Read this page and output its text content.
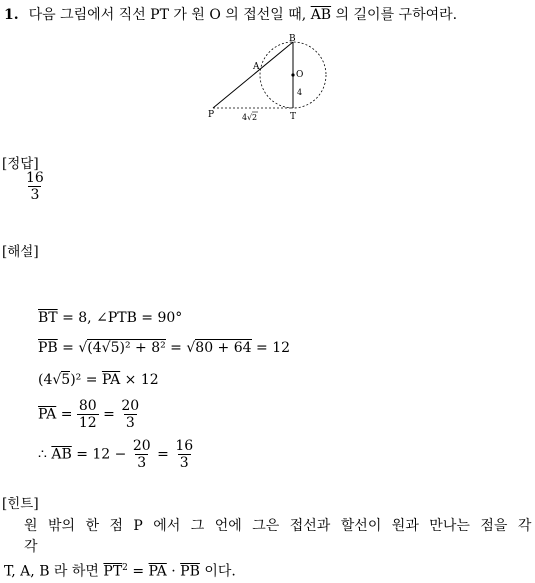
1. 다음 그림에서 직선 PT 가 원 O 의 접선일 때, $\overline{AB}$ 의 길이를 구하여라.
B
A
O
4
P	T
4 √ 2
[정답]
$\frac{16}{3}$
[해설]
$\overline{BT} = 8$, ∠PTB = 90°
$\overline{PB} = √(4√5)^2 + 8^2 = √80 + 64 = 12$
$(4√5)^2 = \overline{PA} \times 12$
$\overline{PA} = \frac{80}{12} = \frac{20}{3}$
∴ $\overline{AB} = 12 - \frac{20}{3} = \frac{16}{3}$
[힌트]
원 밖의 한 점 P 에서 그 언에 그은 접선과 할선이 원과 만나는 점을 각각
T, A, B 라 하면 $\overline{PT}^2 = \overline{PA} \cdot \overline{PB}$ 이다.
